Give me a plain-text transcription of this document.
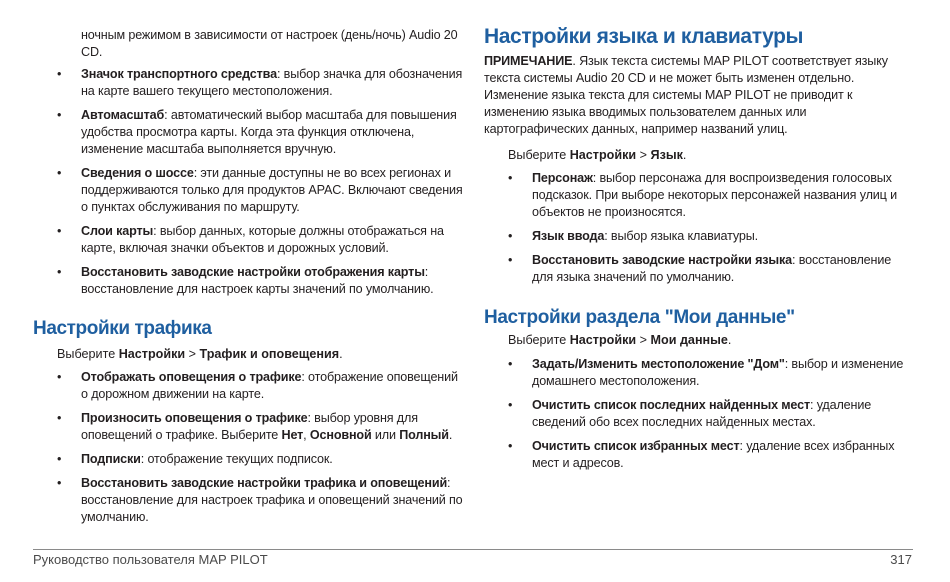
ночным режимом в зависимости от настроек (день/ночь) Audio 20 CD.
• Значок транспортного средства: выбор значка для обозначения на карте вашего текущего местоположения.
• Автомасштаб: автоматический выбор масштаба для повышения удобства просмотра карты. Когда эта функция отключена, изменение масштаба выполняется вручную.
• Сведения о шоссе: эти данные доступны не во всех регионах и поддерживаются только для продуктов APAC. Включают сведения о пунктах обслуживания по маршруту.
• Слои карты: выбор данных, которые должны отображаться на карте, включая значки объектов и дорожных условий.
• Восстановить заводские настройки отображения карты: восстановление для настроек карты значений по умолчанию.
Настройки трафика
Выберите Настройки > Трафик и оповещения.
• Отображать оповещения о трафике: отображение оповещений о дорожном движении на карте.
• Произносить оповещения о трафике: выбор уровня для оповещений о трафике. Выберите Нет, Основной или Полный.
• Подписки: отображение текущих подписок.
• Восстановить заводские настройки трафика и оповещений: восстановление для настроек трафика и оповещений значений по умолчанию.
Настройки языка и клавиатуры
ПРИМЕЧАНИЕ. Язык текста системы MAP PILOT соответствует языку текста системы Audio 20 CD и не может быть изменен отдельно. Изменение языка текста для системы MAP PILOT не приводит к изменению языка вводимых пользователем данных или картографических данных, например названий улиц.
Выберите Настройки > Язык.
• Персонаж: выбор персонажа для воспроизведения голосовых подсказок. При выборе некоторых персонажей названия улиц и объектов не произносятся.
• Язык ввода: выбор языка клавиатуры.
• Восстановить заводские настройки языка: восстановление для языка значений по умолчанию.
Настройки раздела "Мои данные"
Выберите Настройки > Мои данные.
• Задать/Изменить местоположение "Дом": выбор и изменение домашнего местоположения.
• Очистить список последних найденных мест: удаление сведений обо всех последних найденных местах.
• Очистить список избранных мест: удаление всех избранных мест и адресов.
Руководство пользователя MAP PILOT	317
